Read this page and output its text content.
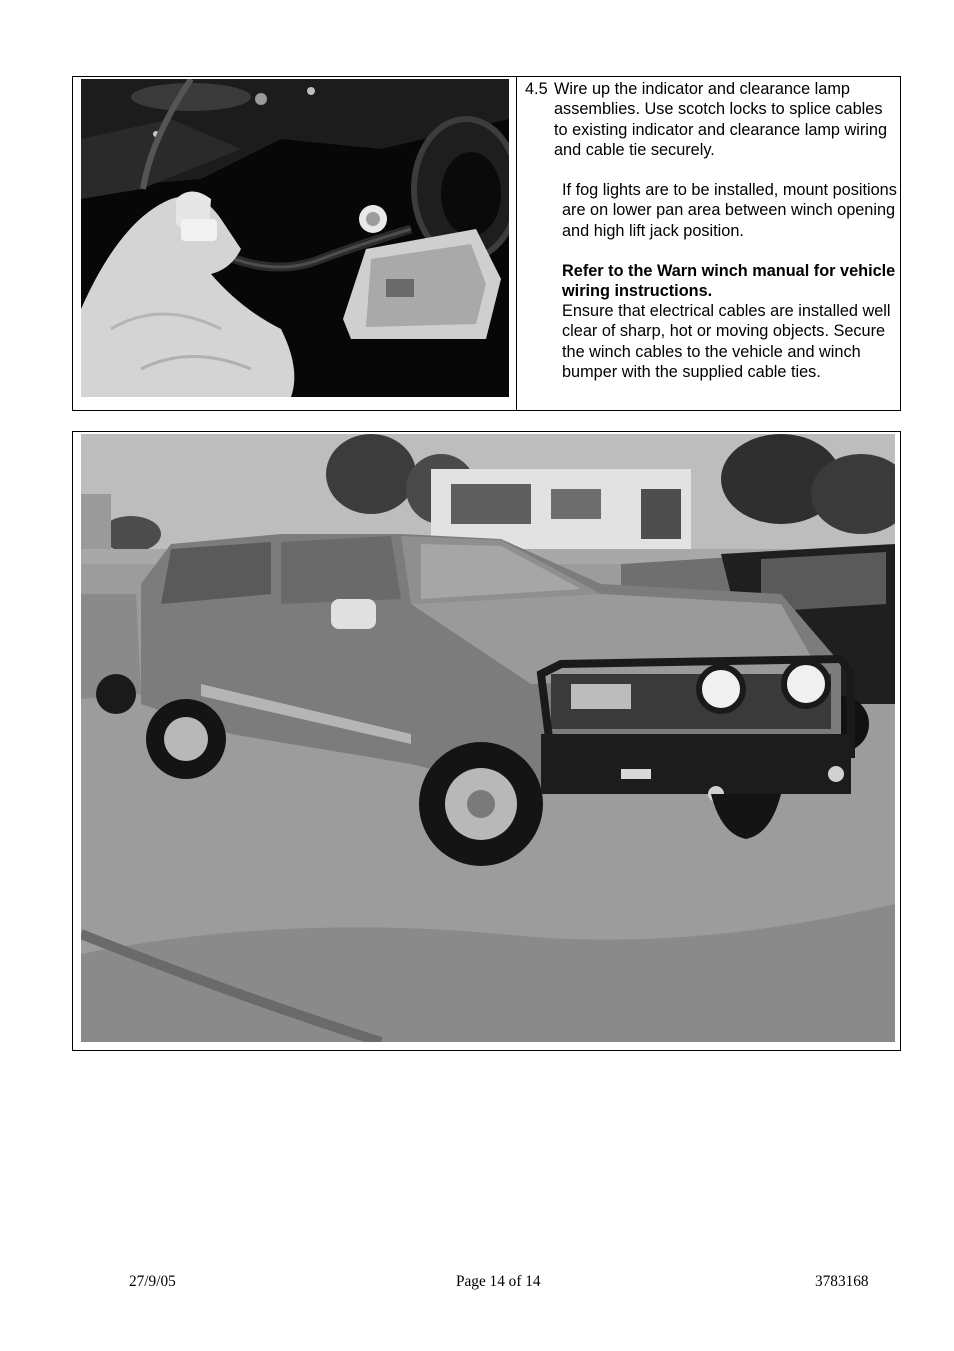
4.5 Wire up the indicator and clearance lamp assemblies. Use scotch locks to splice cables to existing indicator and clearance lamp wiring and cable tie securely.
If fog lights are to be installed, mount positions are on lower pan area between winch opening and high lift jack position.
Refer to the Warn winch manual for vehicle wiring instructions.
Ensure that electrical cables are installed well clear of sharp, hot or moving objects. Secure the winch cables to the vehicle and winch bumper with the supplied cable ties.
27/9/05	Page 14 of 14	3783168
